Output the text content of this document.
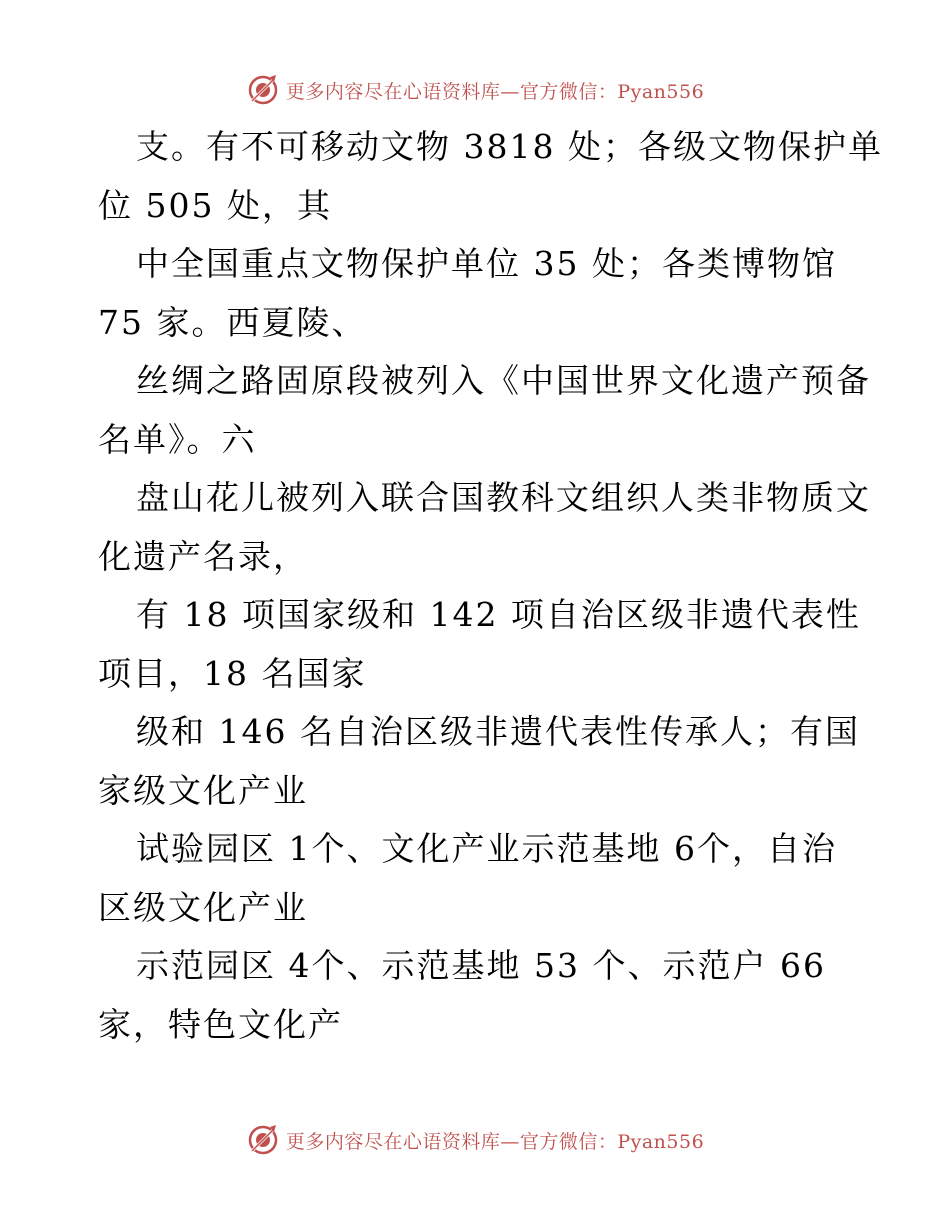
更多内容尽在心语资料库—官方微信：Pyan556
支。有不可移动文物 3818 处；各级文物保护单
位 505 处，其
中全国重点文物保护单位 35 处；各类博物馆
75 家。西夏陵、
丝绸之路固原段被列入《中国世界文化遗产预备
名单》。六
盘山花儿被列入联合国教科文组织人类非物质文
化遗产名录，
有 18 项国家级和 142 项自治区级非遗代表性
项目，18 名国家
级和 146 名自治区级非遗代表性传承人；有国
家级文化产业
试验园区 1个、文化产业示范基地 6个，自治
区级文化产业
示范园区 4个、示范基地 53 个、示范户 66
家，特色文化产
更多内容尽在心语资料库—官方微信：Pyan556
